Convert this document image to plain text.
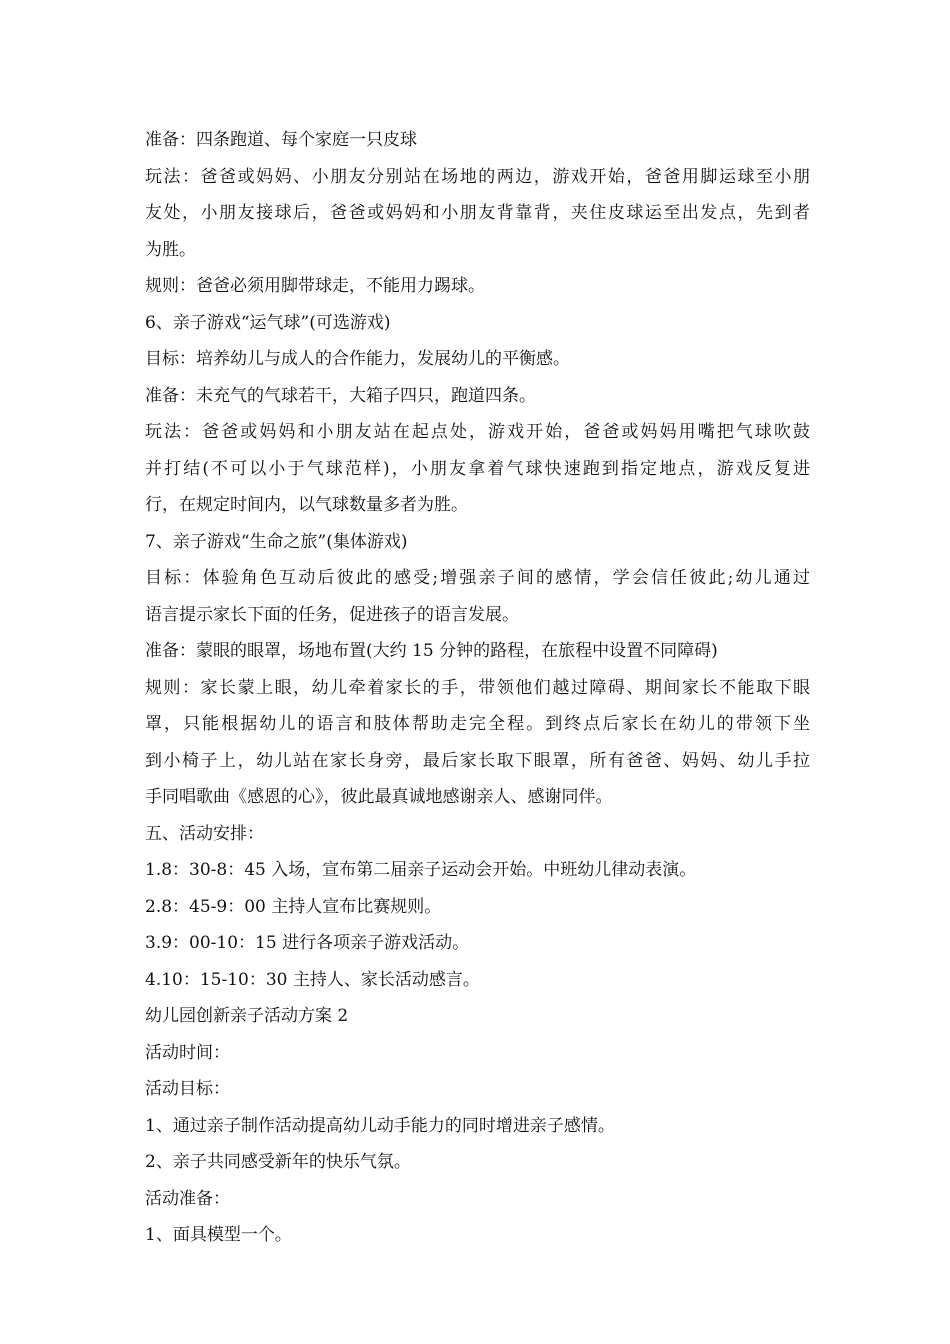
准备：四条跑道、每个家庭一只皮球
玩法：爸爸或妈妈、小朋友分别站在场地的两边，游戏开始，爸爸用脚运球至小朋
友处，小朋友接球后，爸爸或妈妈和小朋友背靠背，夹住皮球运至出发点，先到者
为胜。
规则：爸爸必须用脚带球走，不能用力踢球。
6、亲子游戏“运气球”(可选游戏)
目标：培养幼儿与成人的合作能力，发展幼儿的平衡感。
准备：未充气的气球若干，大箱子四只，跑道四条。
玩法：爸爸或妈妈和小朋友站在起点处，游戏开始，爸爸或妈妈用嘴把气球吹鼓
并打结(不可以小于气球范样)，小朋友拿着气球快速跑到指定地点，游戏反复进
行，在规定时间内，以气球数量多者为胜。
7、亲子游戏“生命之旅”(集体游戏)
目标：体验角色互动后彼此的感受;增强亲子间的感情，学会信任彼此;幼儿通过
语言提示家长下面的任务，促进孩子的语言发展。
准备：蒙眼的眼罩，场地布置(大约 15 分钟的路程，在旅程中设置不同障碍)
规则：家长蒙上眼，幼儿牵着家长的手，带领他们越过障碍、期间家长不能取下眼
罩，只能根据幼儿的语言和肢体帮助走完全程。到终点后家长在幼儿的带领下坐
到小椅子上，幼儿站在家长身旁，最后家长取下眼罩，所有爸爸、妈妈、幼儿手拉
手同唱歌曲《感恩的心》，彼此最真诚地感谢亲人、感谢同伴。
五、活动安排：
1.8：30-8：45 入场，宣布第二届亲子运动会开始。中班幼儿律动表演。
2.8：45-9：00 主持人宣布比赛规则。
3.9：00-10：15 进行各项亲子游戏活动。
4.10：15-10：30 主持人、家长活动感言。
幼儿园创新亲子活动方案 2
活动时间：
活动目标：
1、通过亲子制作活动提高幼儿动手能力的同时增进亲子感情。
2、亲子共同感受新年的快乐气氛。
活动准备：
1、面具模型一个。
